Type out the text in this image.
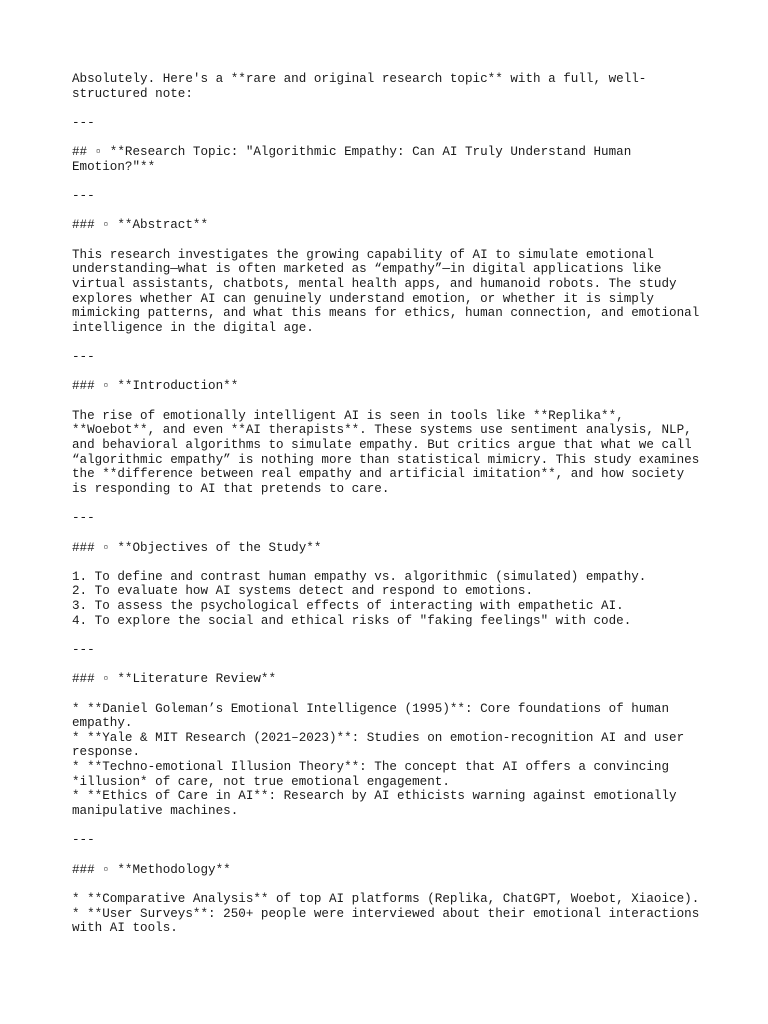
Absolutely. Here's a **rare and original research topic** with a full, well-
structured note:
---
## ▫ **Research Topic: "Algorithmic Empathy: Can AI Truly Understand Human
Emotion?"**
---
### ▫ **Abstract**
This research investigates the growing capability of AI to simulate emotional
understanding—what is often marketed as “empathy”—in digital applications like
virtual assistants, chatbots, mental health apps, and humanoid robots. The study
explores whether AI can genuinely understand emotion, or whether it is simply
mimicking patterns, and what this means for ethics, human connection, and emotional
intelligence in the digital age.
---
### ▫ **Introduction**
The rise of emotionally intelligent AI is seen in tools like **Replika**,
**Woebot**, and even **AI therapists**. These systems use sentiment analysis, NLP,
and behavioral algorithms to simulate empathy. But critics argue that what we call
“algorithmic empathy” is nothing more than statistical mimicry. This study examines
the **difference between real empathy and artificial imitation**, and how society
is responding to AI that pretends to care.
---
### ▫ **Objectives of the Study**
1. To define and contrast human empathy vs. algorithmic (simulated) empathy.
2. To evaluate how AI systems detect and respond to emotions.
3. To assess the psychological effects of interacting with empathetic AI.
4. To explore the social and ethical risks of "faking feelings" with code.
---
### ▫ **Literature Review**
* **Daniel Goleman’s Emotional Intelligence (1995)**: Core foundations of human
empathy.
* **Yale & MIT Research (2021–2023)**: Studies on emotion-recognition AI and user
response.
* **Techno-emotional Illusion Theory**: The concept that AI offers a convincing
*illusion* of care, not true emotional engagement.
* **Ethics of Care in AI**: Research by AI ethicists warning against emotionally
manipulative machines.
---
### ▫ **Methodology**
* **Comparative Analysis** of top AI platforms (Replika, ChatGPT, Woebot, Xiaoice).
* **User Surveys**: 250+ people were interviewed about their emotional interactions
with AI tools.
